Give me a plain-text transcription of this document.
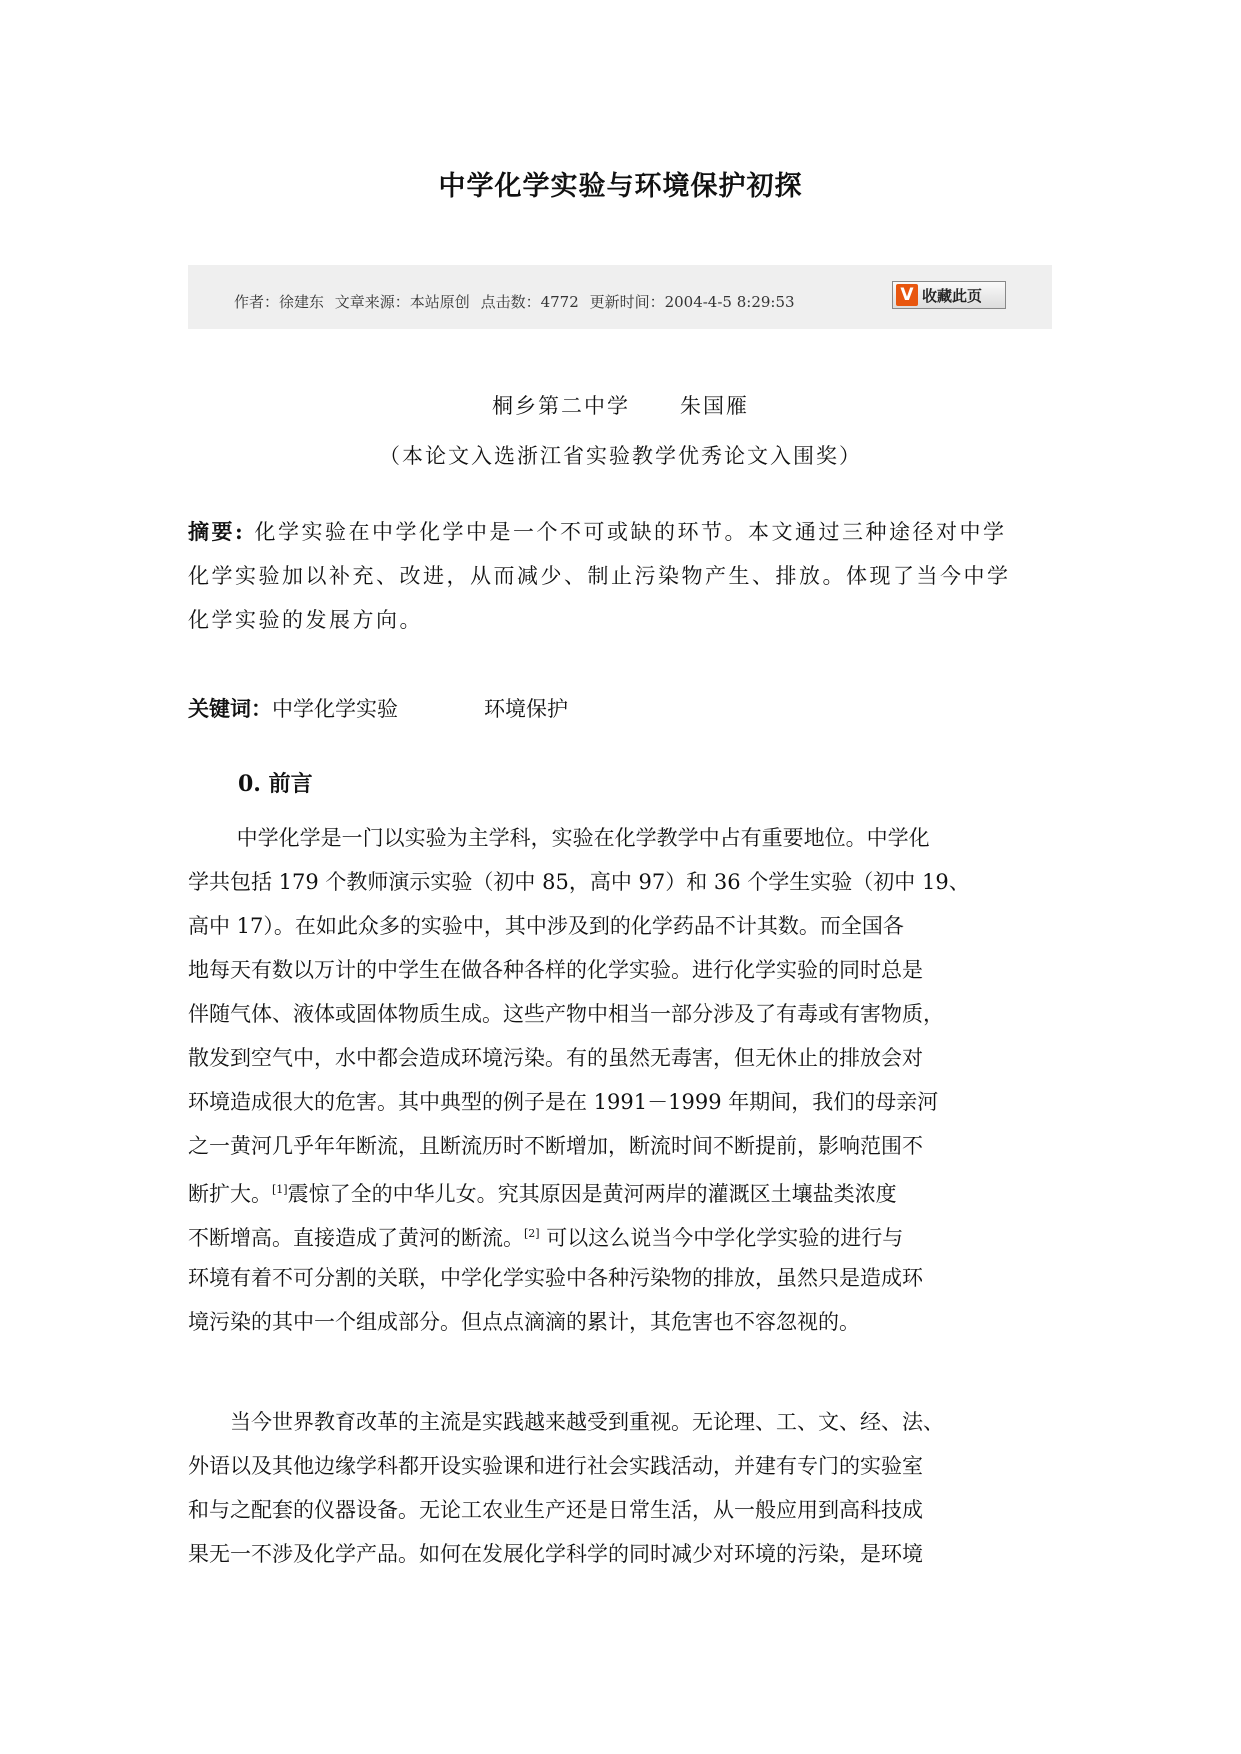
中学化学实验与环境保护初探
作者：徐建东 文章来源：本站原创 点击数：4772 更新时间：2004-4-5 8:29:53	V 收藏此页
桐乡第二中学 朱国雁
（本论文入选浙江省实验教学优秀论文入围奖）
摘要: 化学实验在中学化学中是一个不可或缺的环节。本文通过三种途径对中学
化学实验加以补充、改进，从而减少、制止污染物产生、排放。体现了当今中学
化学实验的发展方向。
关键词：中学化学实验	环境保护
0. 前言
中学化学是一门以实验为主学科，实验在化学教学中占有重要地位。中学化
学共包括 179 个教师演示实验（初中 85，高中 97）和 36 个学生实验（初中 19、
高中 17）。在如此众多的实验中，其中涉及到的化学药品不计其数。而全国各
地每天有数以万计的中学生在做各种各样的化学实验。进行化学实验的同时总是
伴随气体、液体或固体物质生成。这些产物中相当一部分涉及了有毒或有害物质，
散发到空气中，水中都会造成环境污染。有的虽然无毒害，但无休止的排放会对
环境造成很大的危害。其中典型的例子是在 1991－1999 年期间，我们的母亲河
之一黄河几乎年年断流，且断流历时不断增加，断流时间不断提前，影响范围不
断扩大。[1]震惊了全的中华儿女。究其原因是黄河两岸的灌溉区土壤盐类浓度
不断增高。直接造成了黄河的断流。[2] 可以这么说当今中学化学实验的进行与
环境有着不可分割的关联，中学化学实验中各种污染物的排放，虽然只是造成环
境污染的其中一个组成部分。但点点滴滴的累计，其危害也不容忽视的。
当今世界教育改革的主流是实践越来越受到重视。无论理、工、文、经、法、
外语以及其他边缘学科都开设实验课和进行社会实践活动，并建有专门的实验室
和与之配套的仪器设备。无论工农业生产还是日常生活，从一般应用到高科技成
果无一不涉及化学产品。如何在发展化学科学的同时减少对环境的污染，是环境
